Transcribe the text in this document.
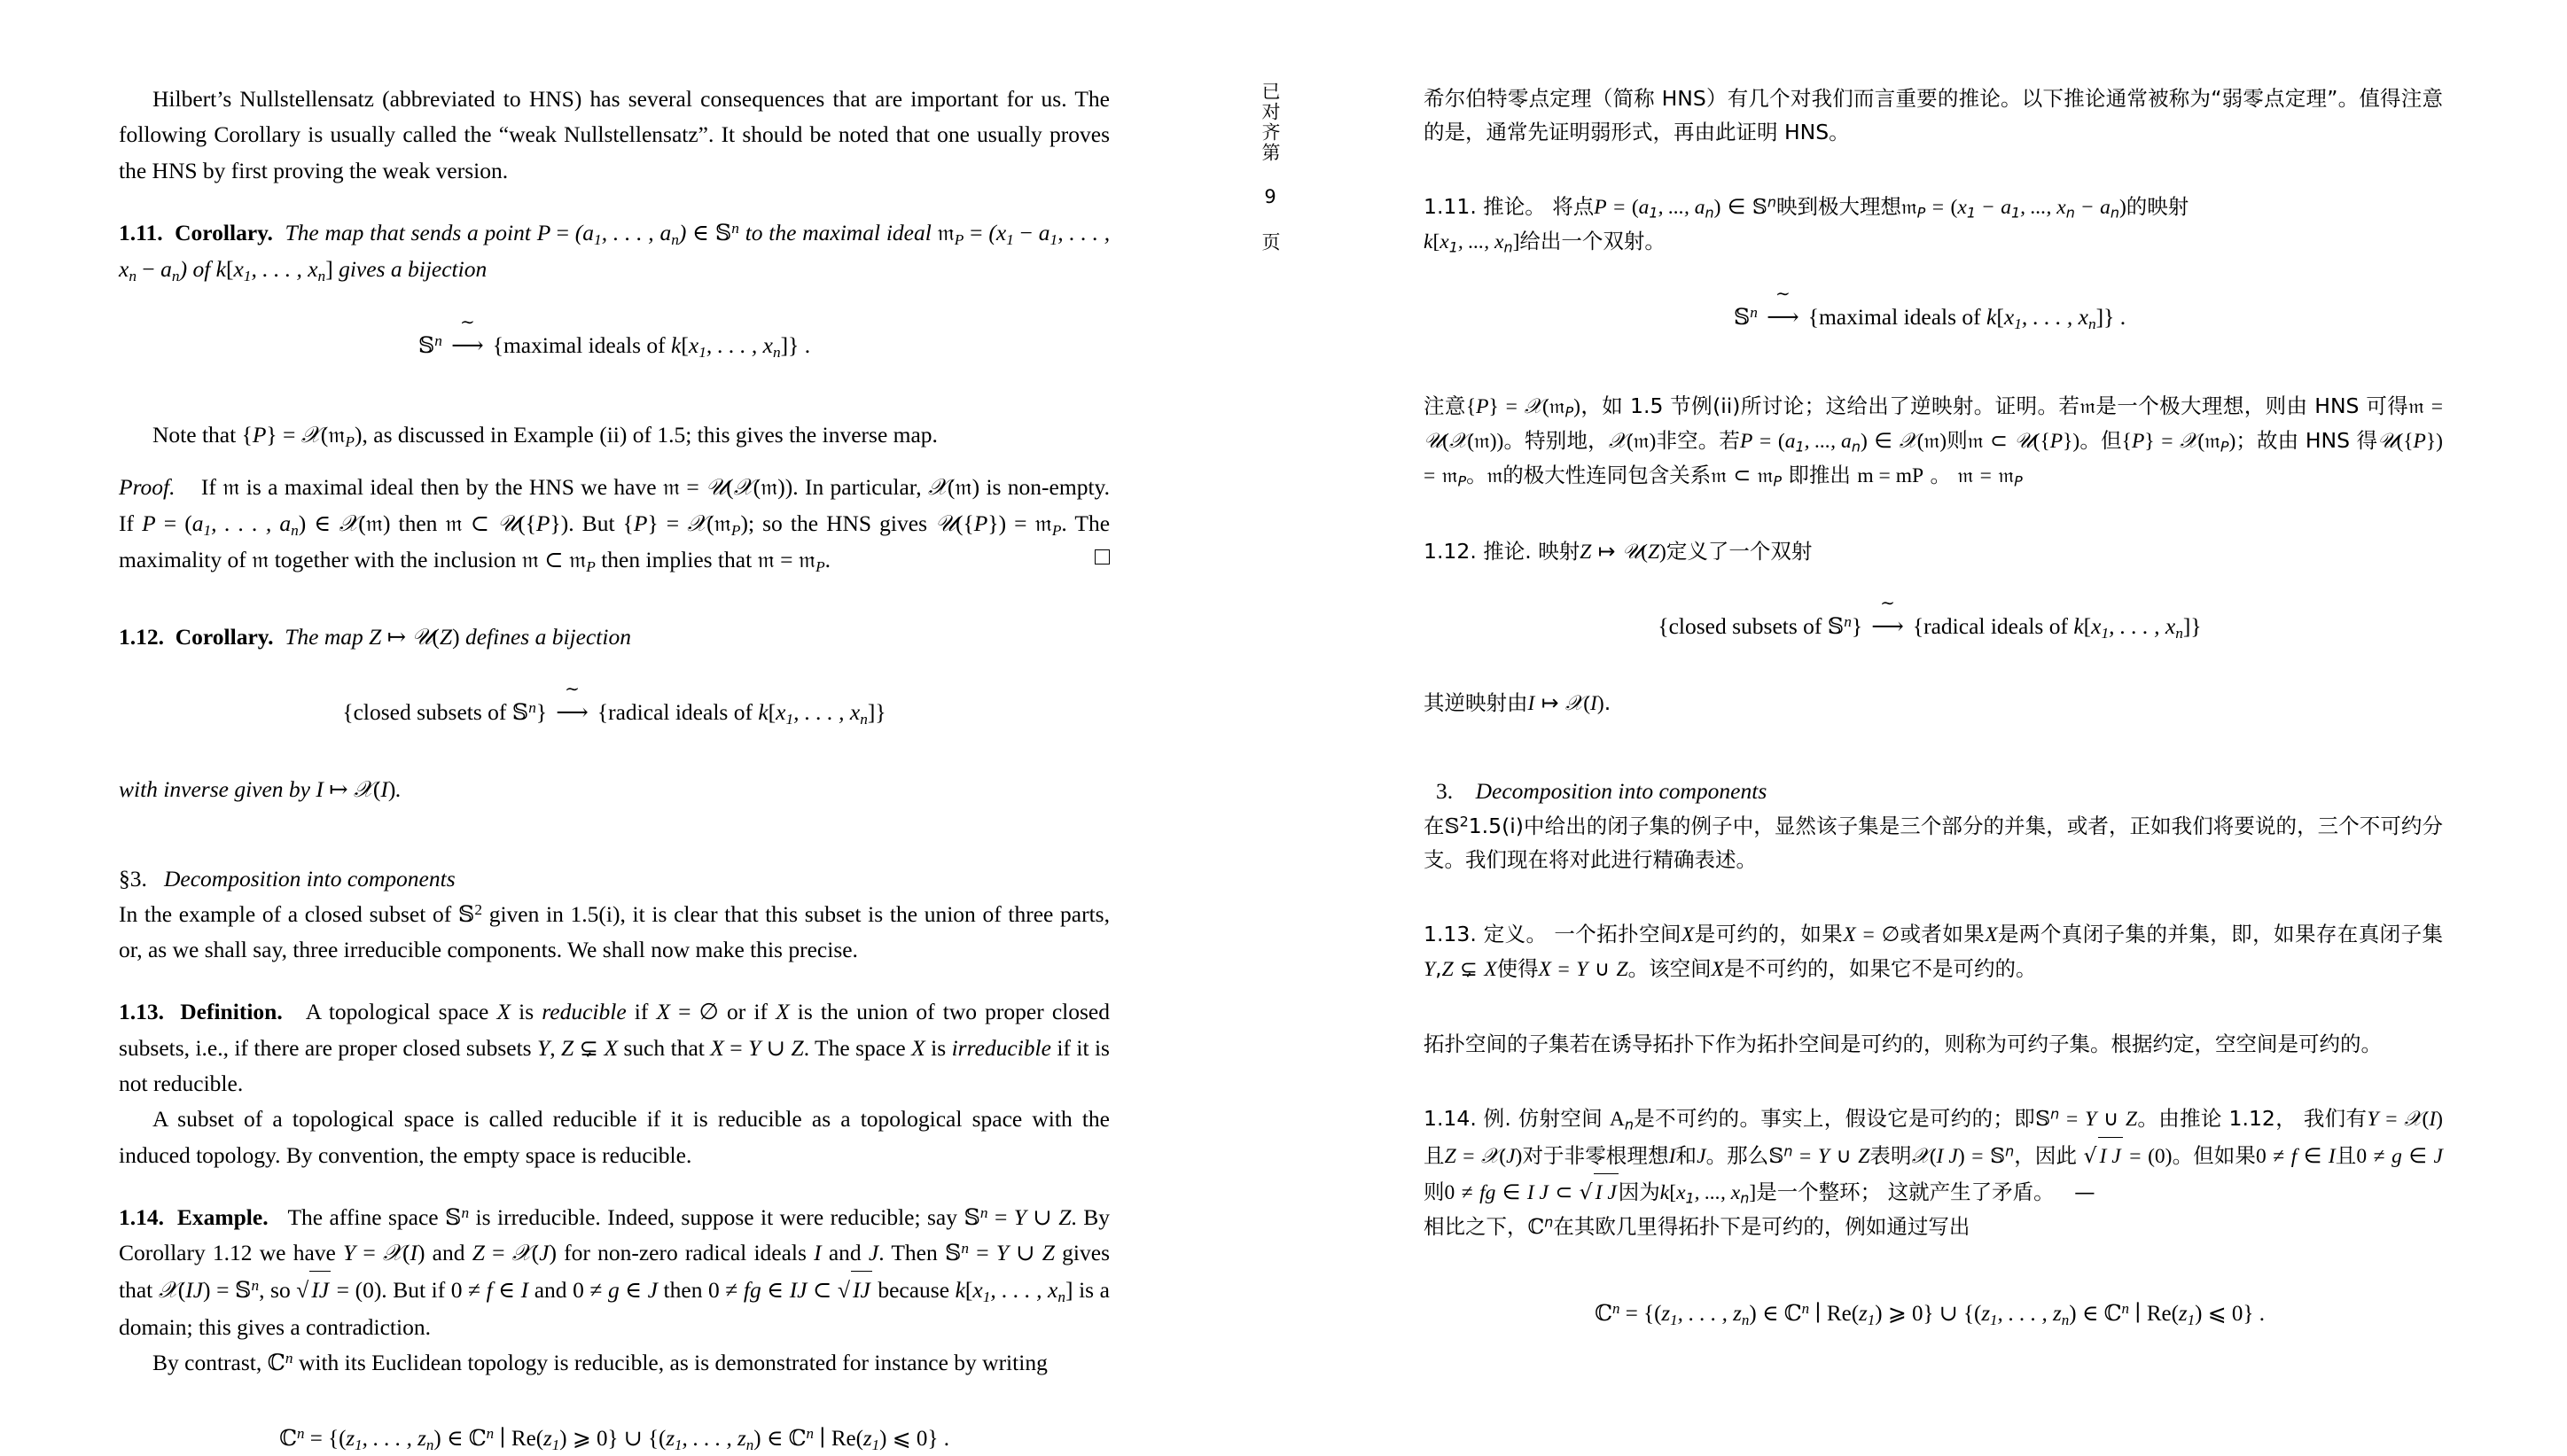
已对齐第 9 页

Hilbert’s Nullstellensatz (abbreviated to HNS) has several consequences that are important for us. The following Corollary is usually called the “weak Nullstellensatz”. It should be noted that one usually proves the HNS by first proving the weak version.

1.11.  Corollary. The map that sends a point $P = (a_1$, . . . , $a_n$) ∈ 𝕊$^n$ to the maximal ideal 𝔪$_P$ = ($x_1 - a_1$, . . . , $x_n - a_n$) of $k[x_1$, . . . , $x_n$] gives a bijection
𝕊$^n$
∼
⟶ {maximal ideals of $k[x_1$, . . . , $x_n$]} .

Note that {P} = 𝒳(𝔪$_P$), as discussed in Example (ii) of 1.5; this gives the inverse map.

Proof.    If 𝔪 is a maximal ideal then by the HNS we have 𝔪 = 𝒰(𝒳(𝔪)). In particular, 𝒳(𝔪) is non-empty. If $P = (a_1$, . . . , $a_n$) ∈ 𝒳(𝔪) then 𝔪 ⊂ 𝒰({P}). But {P} = 𝒳(𝔪$_P$); so the HNS gives 𝒰({P}) = 𝔪$_P$. The maximality of 𝔪 together with the inclusion 𝔪 ⊂ 𝔪$_P$ then implies that 𝔪 = 𝔪$_P$.

1.12.  Corollary. The map Z ↦ 𝒰(Z) defines a bijection
{closed subsets of 𝕊$^n$}
∼
⟶ {radical ideals of $k[x_1$, . . . , $x_n$]}
with inverse given by I ↦ 𝒳(I).
§3. Decomposition into components

In the example of a closed subset of 𝕊$^2$ given in 1.5(i), it is clear that this subset is the union of three parts, or, as we shall say, three irreducible components. We shall now make this precise.

1.13.  Definition.   A topological space X is reducible if X = ∅ or if X is the union of two proper closed subsets, i.e., if there are proper closed subsets Y, Z ⊊ X such that X = Y ∪ Z. The space X is irreducible if it is not reducible.

A subset of a topological space is called reducible if it is reducible as a topological space with the induced topology. By convention, the empty space is reducible.

1.14.  Example.   The affine space 𝕊$^n$ is irreducible. Indeed, suppose it were reducible; say 𝕊$^n$ = Y ∪ Z. By Corollary 1.12 we have Y = 𝒳(I) and Z = 𝒳(J) for non-zero radical ideals I and J. Then 𝕊$^n$ = Y ∪ Z gives that 𝒳(IJ) = 𝕊$^n$, so √ IJ = (0). But if 0 ≠ f ∈ I and 0 ≠ g ∈ J then 0 ≠ fg ∈ IJ ⊂ √ IJ because $k[x_1$, . . . , $x_n$] is a domain; this gives a contradiction.

By contrast, ℂ$^n$ with its Euclidean topology is reducible, as is demonstrated for instance by writing

ℂ$^n$ = {($z_1$, . . . , $z_n$) ∈ ℂ$^n$ ∣ $Re(z_1)$ ⩾ 0} ∪ {($z_1$, . . . , $z_n$) ∈ ℂ$^n$ ∣ $Re(z_1)$ ⩽ 0} .

希尔伯特零点定理（简称 HNS）有几个对我们而言重要的推论。以下推论通常被称为“弱零点定理”。值得注意的是，通常先证明弱形式，再由此证明 HNS。

1.11. 推论。 将点$P = (a_1$, ..., $a_n$) ∈ 𝕊$^n$映到极大理想𝔪$_P$ = ($x_1 - a_1$, ..., $x_n - a_n$)的映射
$k[x_1$, ..., $x_n$]给出一个双射。
𝕊$^n$
∼
⟶ {maximal ideals of $k[x_1$, . . . , $x_n$]} .

注意{P} = 𝒳(𝔪$_P$)，如 1.5 节例(ii)所讨论；这给出了逆映射。证明。若𝔪是一个极大理想，则由 HNS 可得𝔪 = 𝒰(𝒳(𝔪))。特别地，𝒳(𝔪)非空。若$P = (a_1$, ..., $a_n$) ∈ 𝒳(𝔪)则𝔪 ⊂ 𝒰({P})。但{P} = 𝒳(𝔪$_P$)；故由 HNS 得𝒰({P}) = 𝔪$_P$。𝔪的极大性连同包含关系𝔪 ⊂ 𝔪$_P$ 即推出 m = mP 。 𝔪 = 𝔪$_P$

1.12. 推论. 映射Z ↦ 𝒰(Z)定义了一个双射
{closed subsets of 𝕊$^n$}
∼
⟶ {radical ideals of $k[x_1$, . . . , $x_n$]}
其逆映射由I ↦ 𝒳(I).
3. Decomposition into components

在𝕊$^2$1.5(i)中给出的闭子集的例子中，显然该子集是三个部分的并集，或者，正如我们将要说的，三个不可约分支。我们现在将对此进行精确表述。

1.13. 定义。 一个拓扑空间X是可约的，如果X = ∅或者如果X是两个真闭子集的并集，即，如果存在真闭子集Y,Z ⊊ X使得X = Y ∪ Z。该空间X是不可约的，如果它不是可约的。

拓扑空间的子集若在诱导拓扑下作为拓扑空间是可约的，则称为可约子集。根据约定，空空间是可约的。

1.14. 例. 仿射空间 $A_n$是不可约的。事实上，假设它是可约的；即𝕊$^n$ = Y ∪ Z。由推论 1.12， 我们有Y = 𝒳(I)且Z = 𝒳(J)对于非零根理想I和J。那么𝕊$^n$ = Y ∪ Z表明𝒳(I J) = 𝕊$^n$，因此 √ I J = (0)。但如果0 ≠ f ∈ I且0 ≠ g ∈ J则0 ≠ fg ∈ I J ⊂ √ I J因为$k[x_1$, ..., $x_n$]是一个整环； 这就产生了矛盾。   —

相比之下，ℂ$^n$在其欧几里得拓扑下是可约的，例如通过写出

ℂ$^n$ = {($z_1$, . . . , $z_n$) ∈ ℂ$^n$ ∣ $Re(z_1)$ ⩾ 0} ∪ {($z_1$, . . . , $z_n$) ∈ ℂ$^n$ ∣ $Re(z_1)$ ⩽ 0} .
